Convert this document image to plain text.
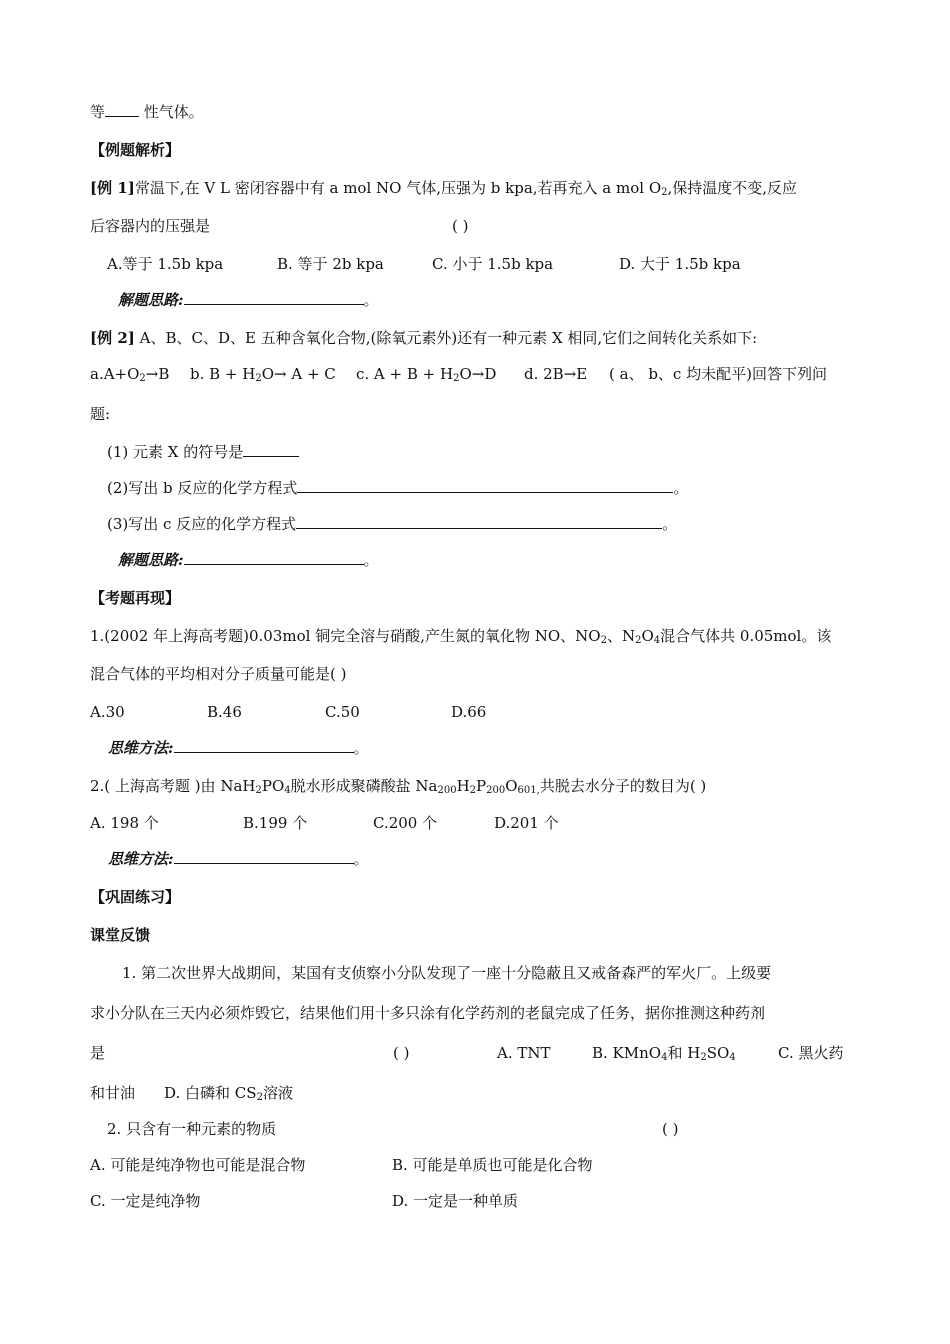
等 性气体。
【例题解析】
[例 1]常温下,在 V L 密闭容器中有 a mol NO 气体,压强为 b kpa,若再充入 a mol $O_2$,保持温度不变,反应
后容器内的压强是	( )
A.等于 1.5b kpa	B. 等于 2b kpa	C. 小于 1.5b kpa	D. 大于 1.5b kpa
解题思路:	。
[例 2] A、B、C、D、E 五种含氧化合物,(除氧元素外)还有一种元素 X 相同,它们之间转化关系如下:
$a.A+O_2\to B$ b. $B + H_2O\to A + C$ c. $A + B + H_2O\to D$ d. 2B→E ( a、 b、c 均未配平)回答下列问
题:
(1) 元素 X 的符号是
(2)写出 b 反应的化学方程式	。
(3)写出 c 反应的化学方程式	。
解题思路:	。
【考题再现】
1.(2002 年上海高考题)0.03mol 铜完全溶与硝酸,产生氮的氧化物 NO、$NO_2$、$N_2O_4$混合气体共 0.05mol。该
混合气体的平均相对分子质量可能是( )
A.30	B.46	C.50	D.66
思维方法:	。
2.( 上海高考题 )由 $NaH_2PO_4$脱水形成聚磷酸盐 $Na_{200}H_2P_{200}O_{601,}$共脱去水分子的数目为( )
A. 198 个	B.199 个	C.200 个	D.201 个
思维方法:	。
【巩固练习】
课堂反馈
1. 第二次世界大战期间，某国有支侦察小分队发现了一座十分隐蔽且又戒备森严的军火厂。上级要
求小分队在三天内必须炸毁它，结果他们用十多只涂有化学药剂的老鼠完成了任务，据你推测这种药剂
是	( )	A. TNT	B. KMnO$_4$和 $H_2SO_4$	C. 黑火药
和甘油 D. 白磷和 $CS_2$溶液
2. 只含有一种元素的物质	( )
A. 可能是纯净物也可能是混合物	B. 可能是单质也可能是化合物
C. 一定是纯净物	D. 一定是一种单质
